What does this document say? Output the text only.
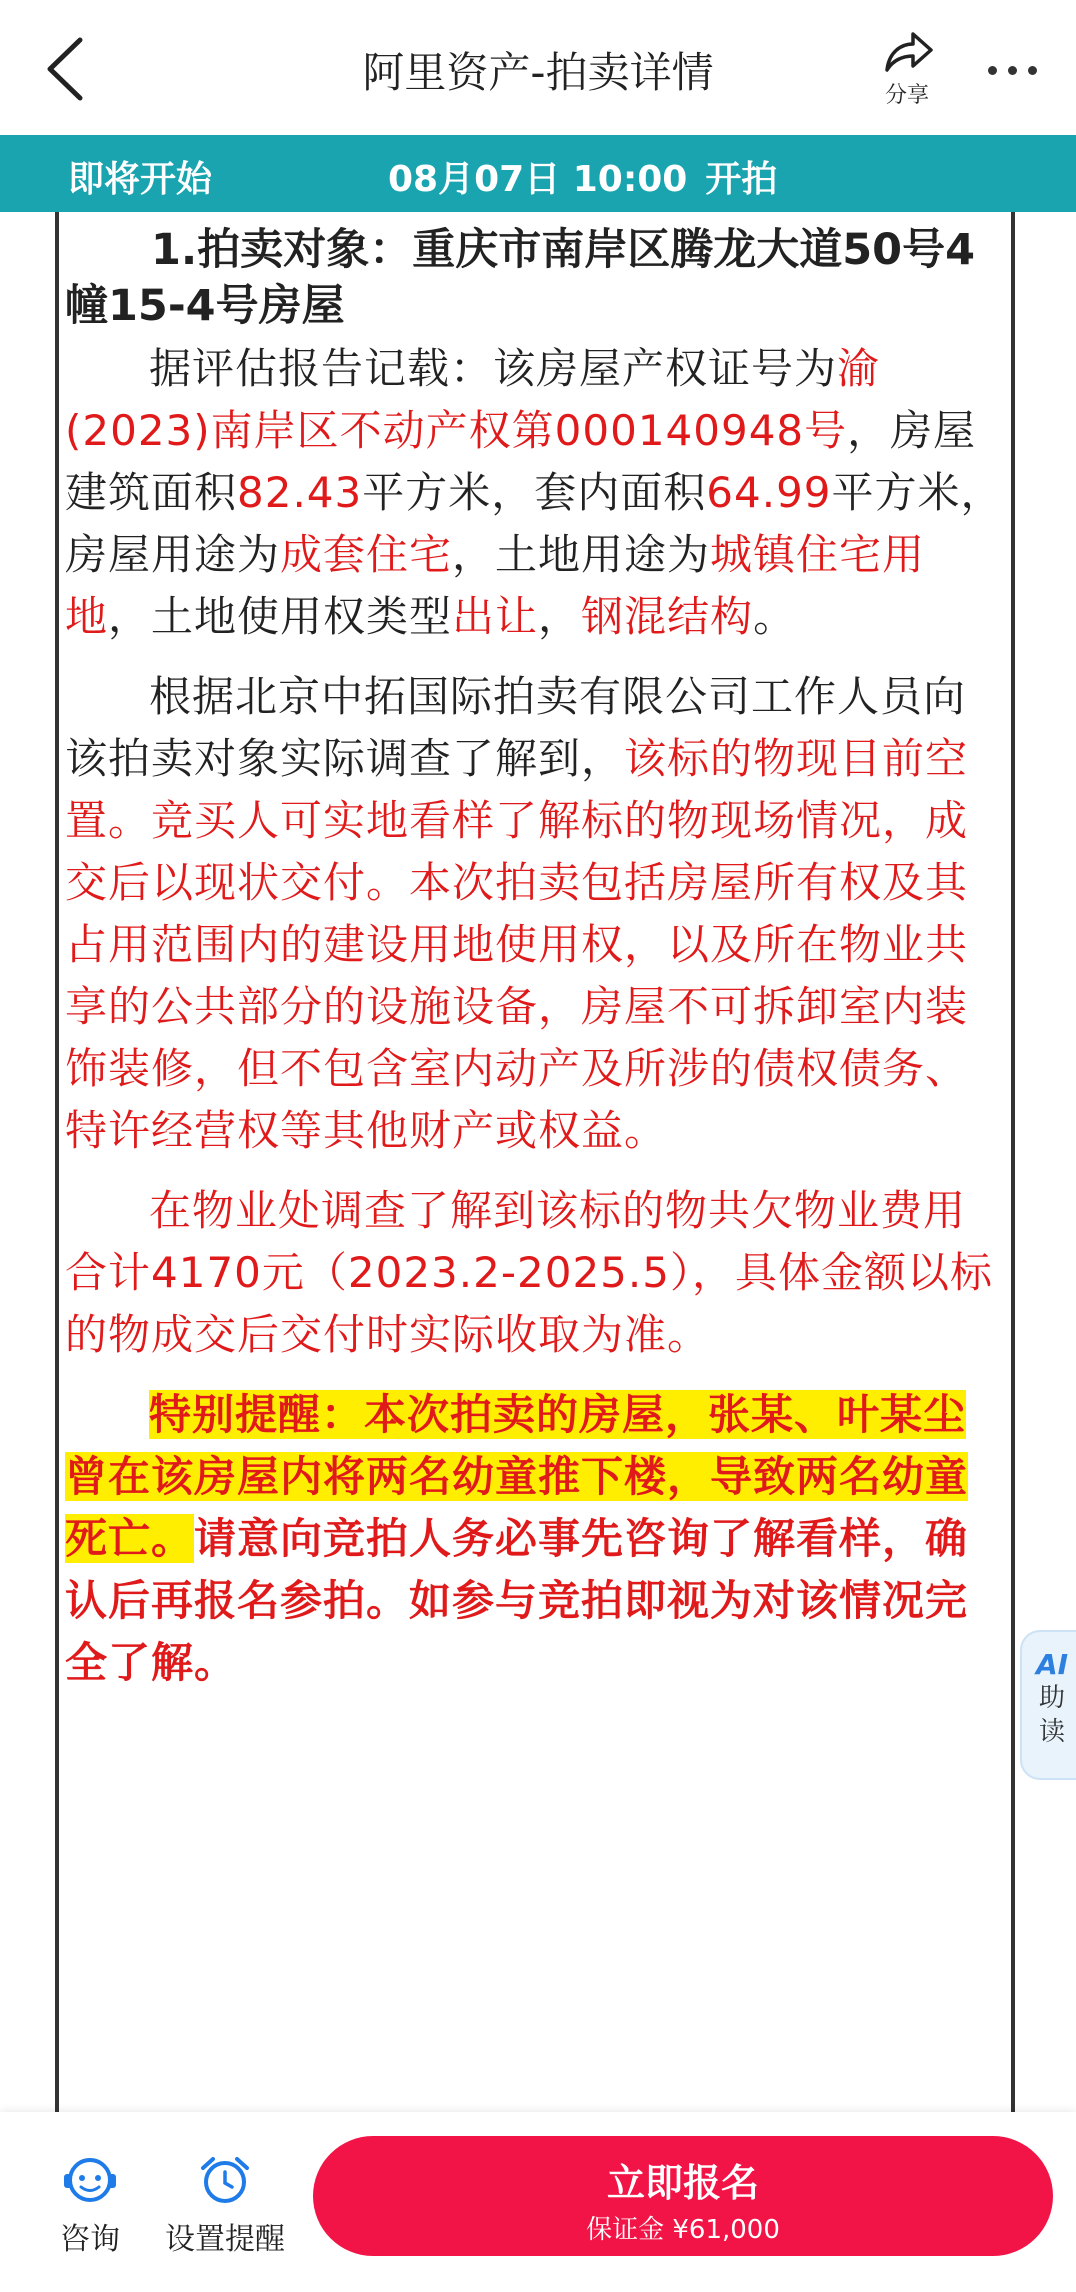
阿里资产-拍卖详情	分享
即将开始	08月07日 10:00 开拍
1.拍卖对象：重庆市南岸区腾龙大道50号4幢15-4号房屋
据评估报告记载：该房屋产权证号为渝(2023)南岸区不动产权第000140948号，房屋建筑面积82.43平方米，套内面积64.99平方米，房屋用途为成套住宅，土地用途为城镇住宅用地，土地使用权类型出让，钢混结构。
根据北京中拓国际拍卖有限公司工作人员向该拍卖对象实际调查了解到，该标的物现目前空置。竞买人可实地看样了解标的物现场情况，成交后以现状交付。本次拍卖包括房屋所有权及其占用范围内的建设用地使用权，以及所在物业共享的公共部分的设施设备，房屋不可拆卸室内装饰装修，但不包含室内动产及所涉的债权债务、特许经营权等其他财产或权益。
在物业处调查了解到该标的物共欠物业费用合计4170元（2023.2-2025.5），具体金额以标的物成交后交付时实际收取为准。
特别提醒：本次拍卖的房屋，张某、叶某尘曾在该房屋内将两名幼童推下楼，导致两名幼童死亡。请意向竞拍人务必事先咨询了解看样，确认后再报名参拍。如参与竞拍即视为对该情况完全了解。	AI
助
读
咨询	设置提醒
立即报名
保证金 ¥61,000
